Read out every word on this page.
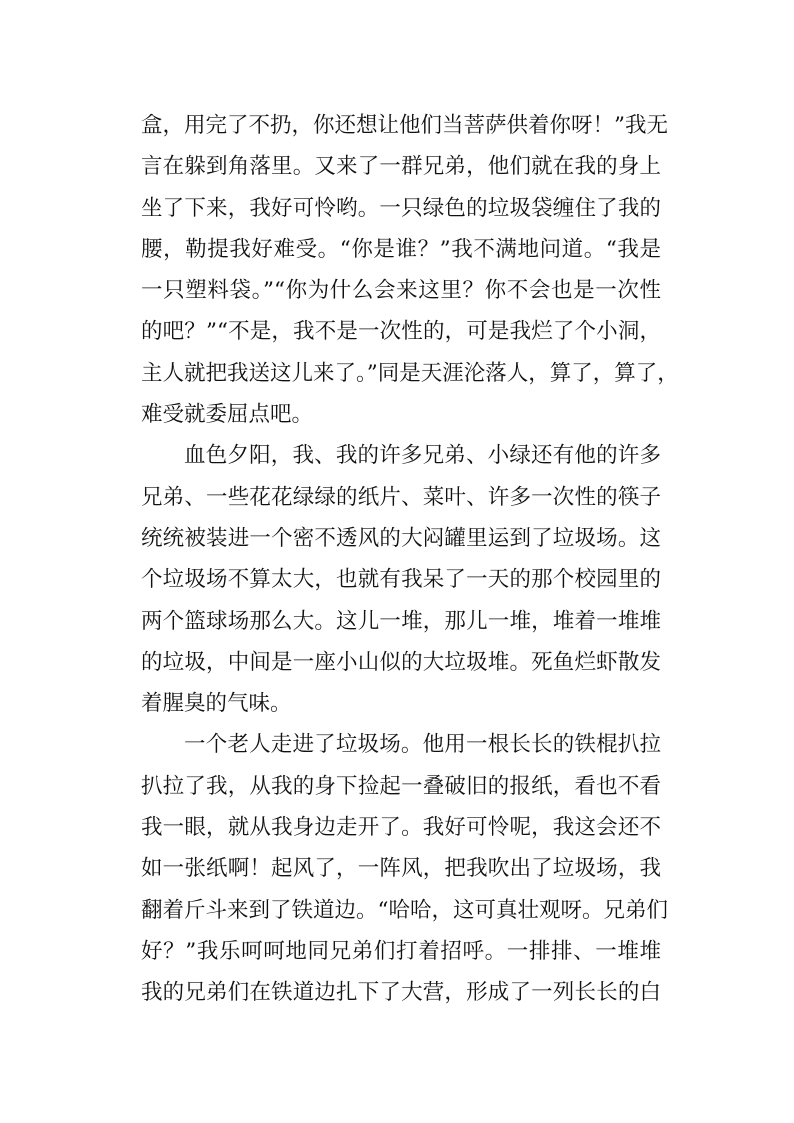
盒，用完了不扔，你还想让他们当菩萨供着你呀！”我无
言在躲到角落里。又来了一群兄弟，他们就在我的身上
坐了下来，我好可怜哟。一只绿色的垃圾袋缠住了我的
腰，勒提我好难受。“你是谁？”我不满地问道。“我是
一只塑料袋。”“你为什么会来这里？你不会也是一次性
的吧？”“不是，我不是一次性的，可是我烂了个小洞，
主人就把我送这儿来了。”同是天涯沦落人，算了，算了，
难受就委屈点吧。
血色夕阳，我、我的许多兄弟、小绿还有他的许多
兄弟、一些花花绿绿的纸片、菜叶、许多一次性的筷子
统统被装进一个密不透风的大闷罐里运到了垃圾场。这
个垃圾场不算太大，也就有我呆了一天的那个校园里的
两个篮球场那么大。这儿一堆，那儿一堆，堆着一堆堆
的垃圾，中间是一座小山似的大垃圾堆。死鱼烂虾散发
着腥臭的气味。
一个老人走进了垃圾场。他用一根长长的铁棍扒拉
扒拉了我，从我的身下捡起一叠破旧的报纸，看也不看
我一眼，就从我身边走开了。我好可怜呢，我这会还不
如一张纸啊！起风了，一阵风，把我吹出了垃圾场，我
翻着斤斗来到了铁道边。“哈哈，这可真壮观呀。兄弟们
好？”我乐呵呵地同兄弟们打着招呼。一排排、一堆堆
我的兄弟们在铁道边扎下了大营，形成了一列长长的白
